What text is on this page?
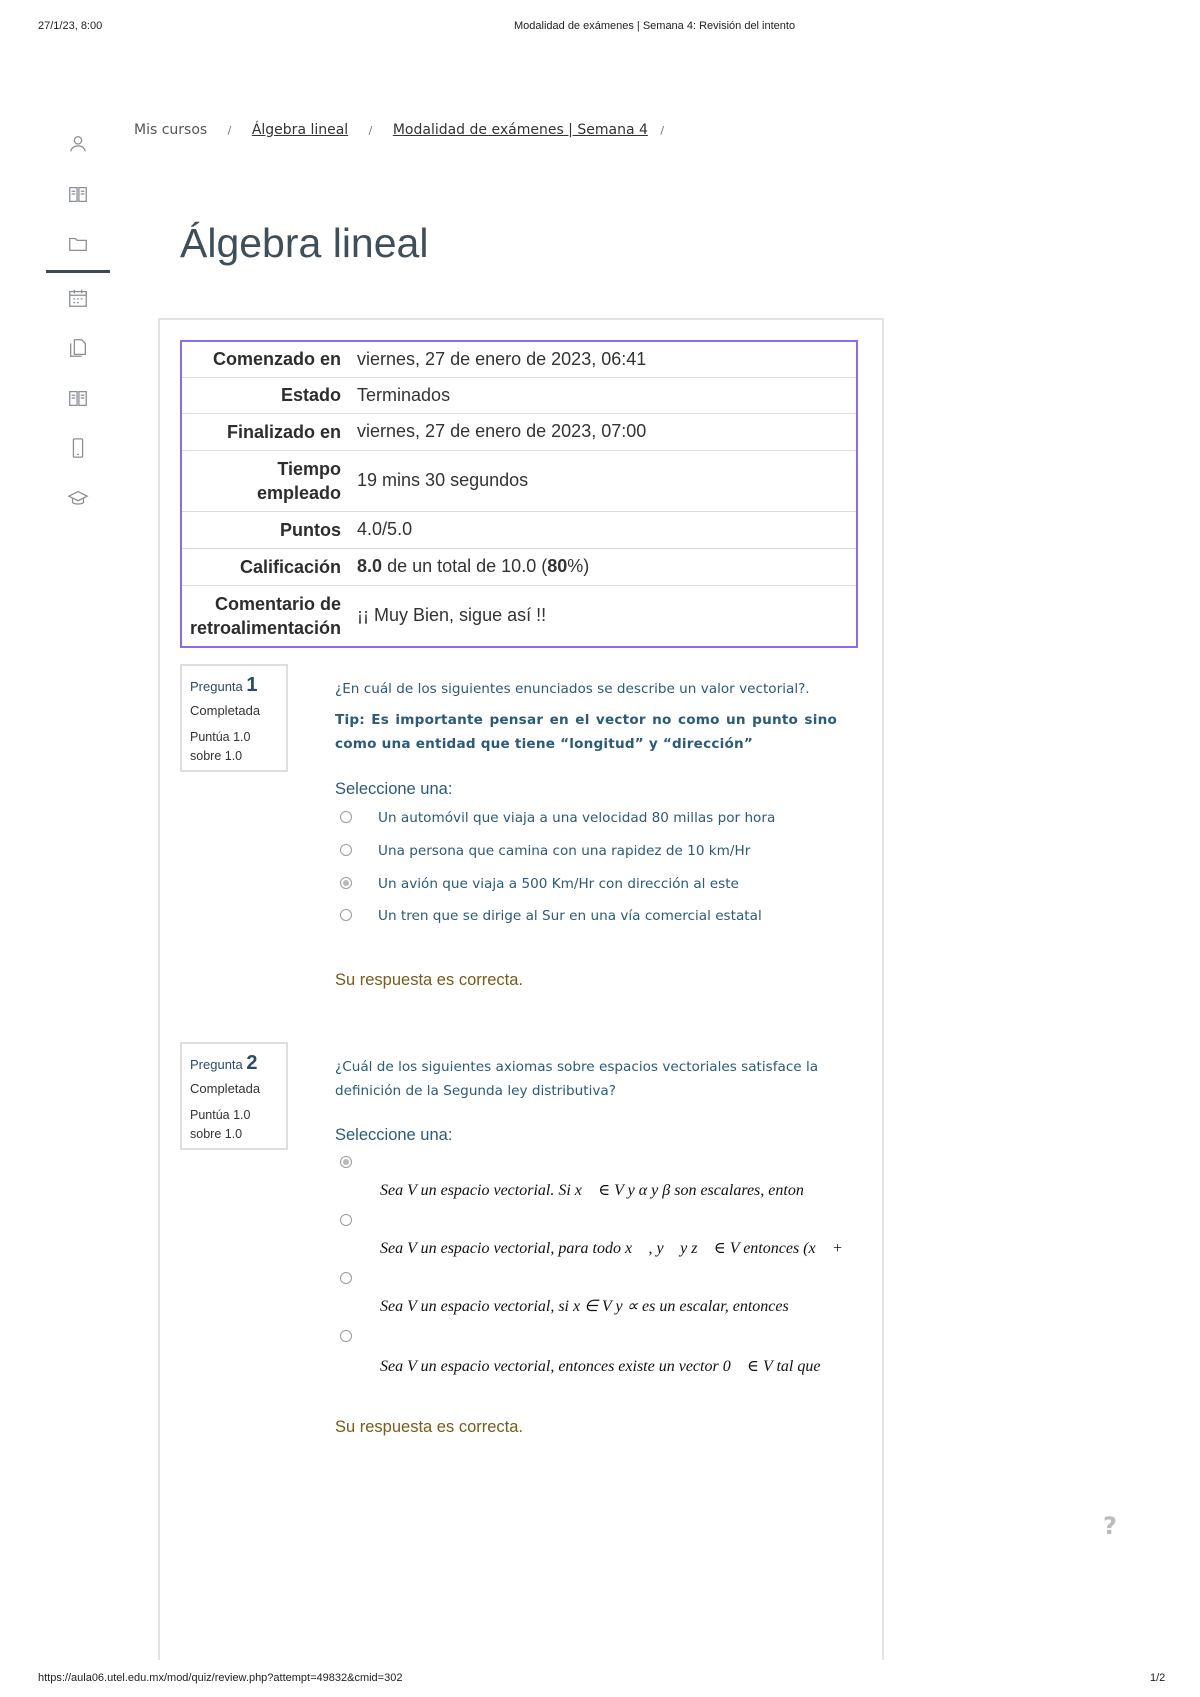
27/1/23, 8:00	Modalidad de exámenes | Semana 4: Revisión del intento
Mis cursos / Álgebra lineal / Modalidad de exámenes | Semana 4 /
Álgebra lineal
Comenzado en	viernes, 27 de enero de 2023, 06:41
Estado	Terminados
Finalizado en	viernes, 27 de enero de 2023, 07:00
Tiempo empleado	19 mins 30 segundos
Puntos	4.0/5.0
Calificación	8.0 de un total de 10.0 (80%)
Comentario de retroalimentación	¡¡ Muy Bien, sigue así !!
Pregunta 1
Completada
Puntúa 1.0 sobre 1.0
¿En cuál de los siguientes enunciados se describe un valor vectorial?.
Tip: Es importante pensar en el vector no como un punto sino como una entidad que tiene “longitud” y “dirección”
Seleccione una:
Un automóvil que viaja a una velocidad 80 millas por hora
Una persona que camina con una rapidez de 10 km/Hr
Un avión que viaja a 500 Km/Hr con dirección al este
Un tren que se dirige al Sur en una vía comercial estatal
Su respuesta es correcta.
Pregunta 2
Completada
Puntúa 1.0 sobre 1.0
¿Cuál de los siguientes axiomas sobre espacios vectoriales satisface la definición de la Segunda ley distributiva?
Seleccione una:
Sea V un espacio vectorial. Si x⃗ ∈ V y α y β son escalares, enton
Sea V un espacio vectorial, para todo x⃗ , y⃗ y z⃗ ∈ V entonces (x⃗ +
Sea V un espacio vectorial, si x ∈ V y ∝ es un escalar, entonces
Sea V un espacio vectorial, entonces existe un vector 0⃗ ∈ V tal que
Su respuesta es correcta.
?
https://aula06.utel.edu.mx/mod/quiz/review.php?attempt=49832&cmid=302	1/2
